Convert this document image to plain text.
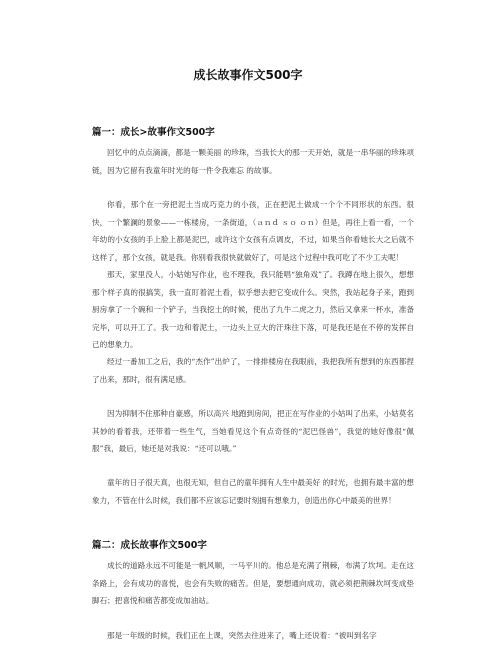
成长故事作文500字
篇一：成长>故事作文500字

回忆中的点点滴滴，都是一颗美丽 的珍珠，当我长大的那一天开始，就是一串华丽的珍珠项链，因为它留有我童年时光的每一件令我难忘 的故事。

你看，那个在一旁把泥土当成巧克力的小孩，正在把泥土做成一个个不同形状的东西。很快，一个繁澜的景象——一栋楼房，一条街道，（ａｎｄ ｓｏ ｏｎ）但是，再往上看一看，一个年幼的小女孩的手上脸上都是泥巴，或许这个女孩有点调皮，不过，如果当你看她长大之后就不这样了，那个女孩，就是我。你别看我很快就做好了，可是这个过程中我可吃了不少工夫呢！

那天，家里没人，小姑她写作业，也不理我，我只能唱“独角戏”了。我蹲在地上很久，想想那个样子真的很搞笑，我一直盯着泥土看，似乎想去把它变成什么。突然，我站起身子来，跑到厨房拿了一个碗和一个铲子，当我挖土的时候，使出了九牛二虎之力，然后又拿来一杯水，准备完毕，可以开工了。我一边和着泥土，一边头上豆大的汗珠往下落，可是我还是在不停的发挥自己的想象力。

经过一番加工之后，我的“杰作”出炉了，一排排楼房在我眼前，我把我所有想到的东西都捏了出来，那时，很有满足感。

因为抑制不住那种自豪感，所以高兴 地跑到房间，把正在写作业的小姑叫了出来，小姑莫名其妙的看着我，还带着一些生气，当她看见这个有点奇怪的“泥巴怪兽”，我觉的她好像很“佩服”我，最后，她还是对我说：“还可以哦。”

童年的日子很天真，也很无知，但自己的童年拥有人生中最美好 的时光，也拥有最丰富的想象力，不管在什么时候，我们都不应该忘记要时刻拥有想象力，创造出你心中最美的世界！

篇二：成长故事作文500字

成长的道路永远不可能是一帆风顺，一马平川的。他总是充满了荆棘，布满了坎坷。走在这条路上，会有成功的喜悦，也会有失败的痛苦。但是，要想通向成功，就必须把荆棘坎坷变成垫脚石；把喜悦和痛苦都变成加油站。

那是一年级的时候，我们正在上课，突然去往进来了，嘴上还说着：“被叫到名字
